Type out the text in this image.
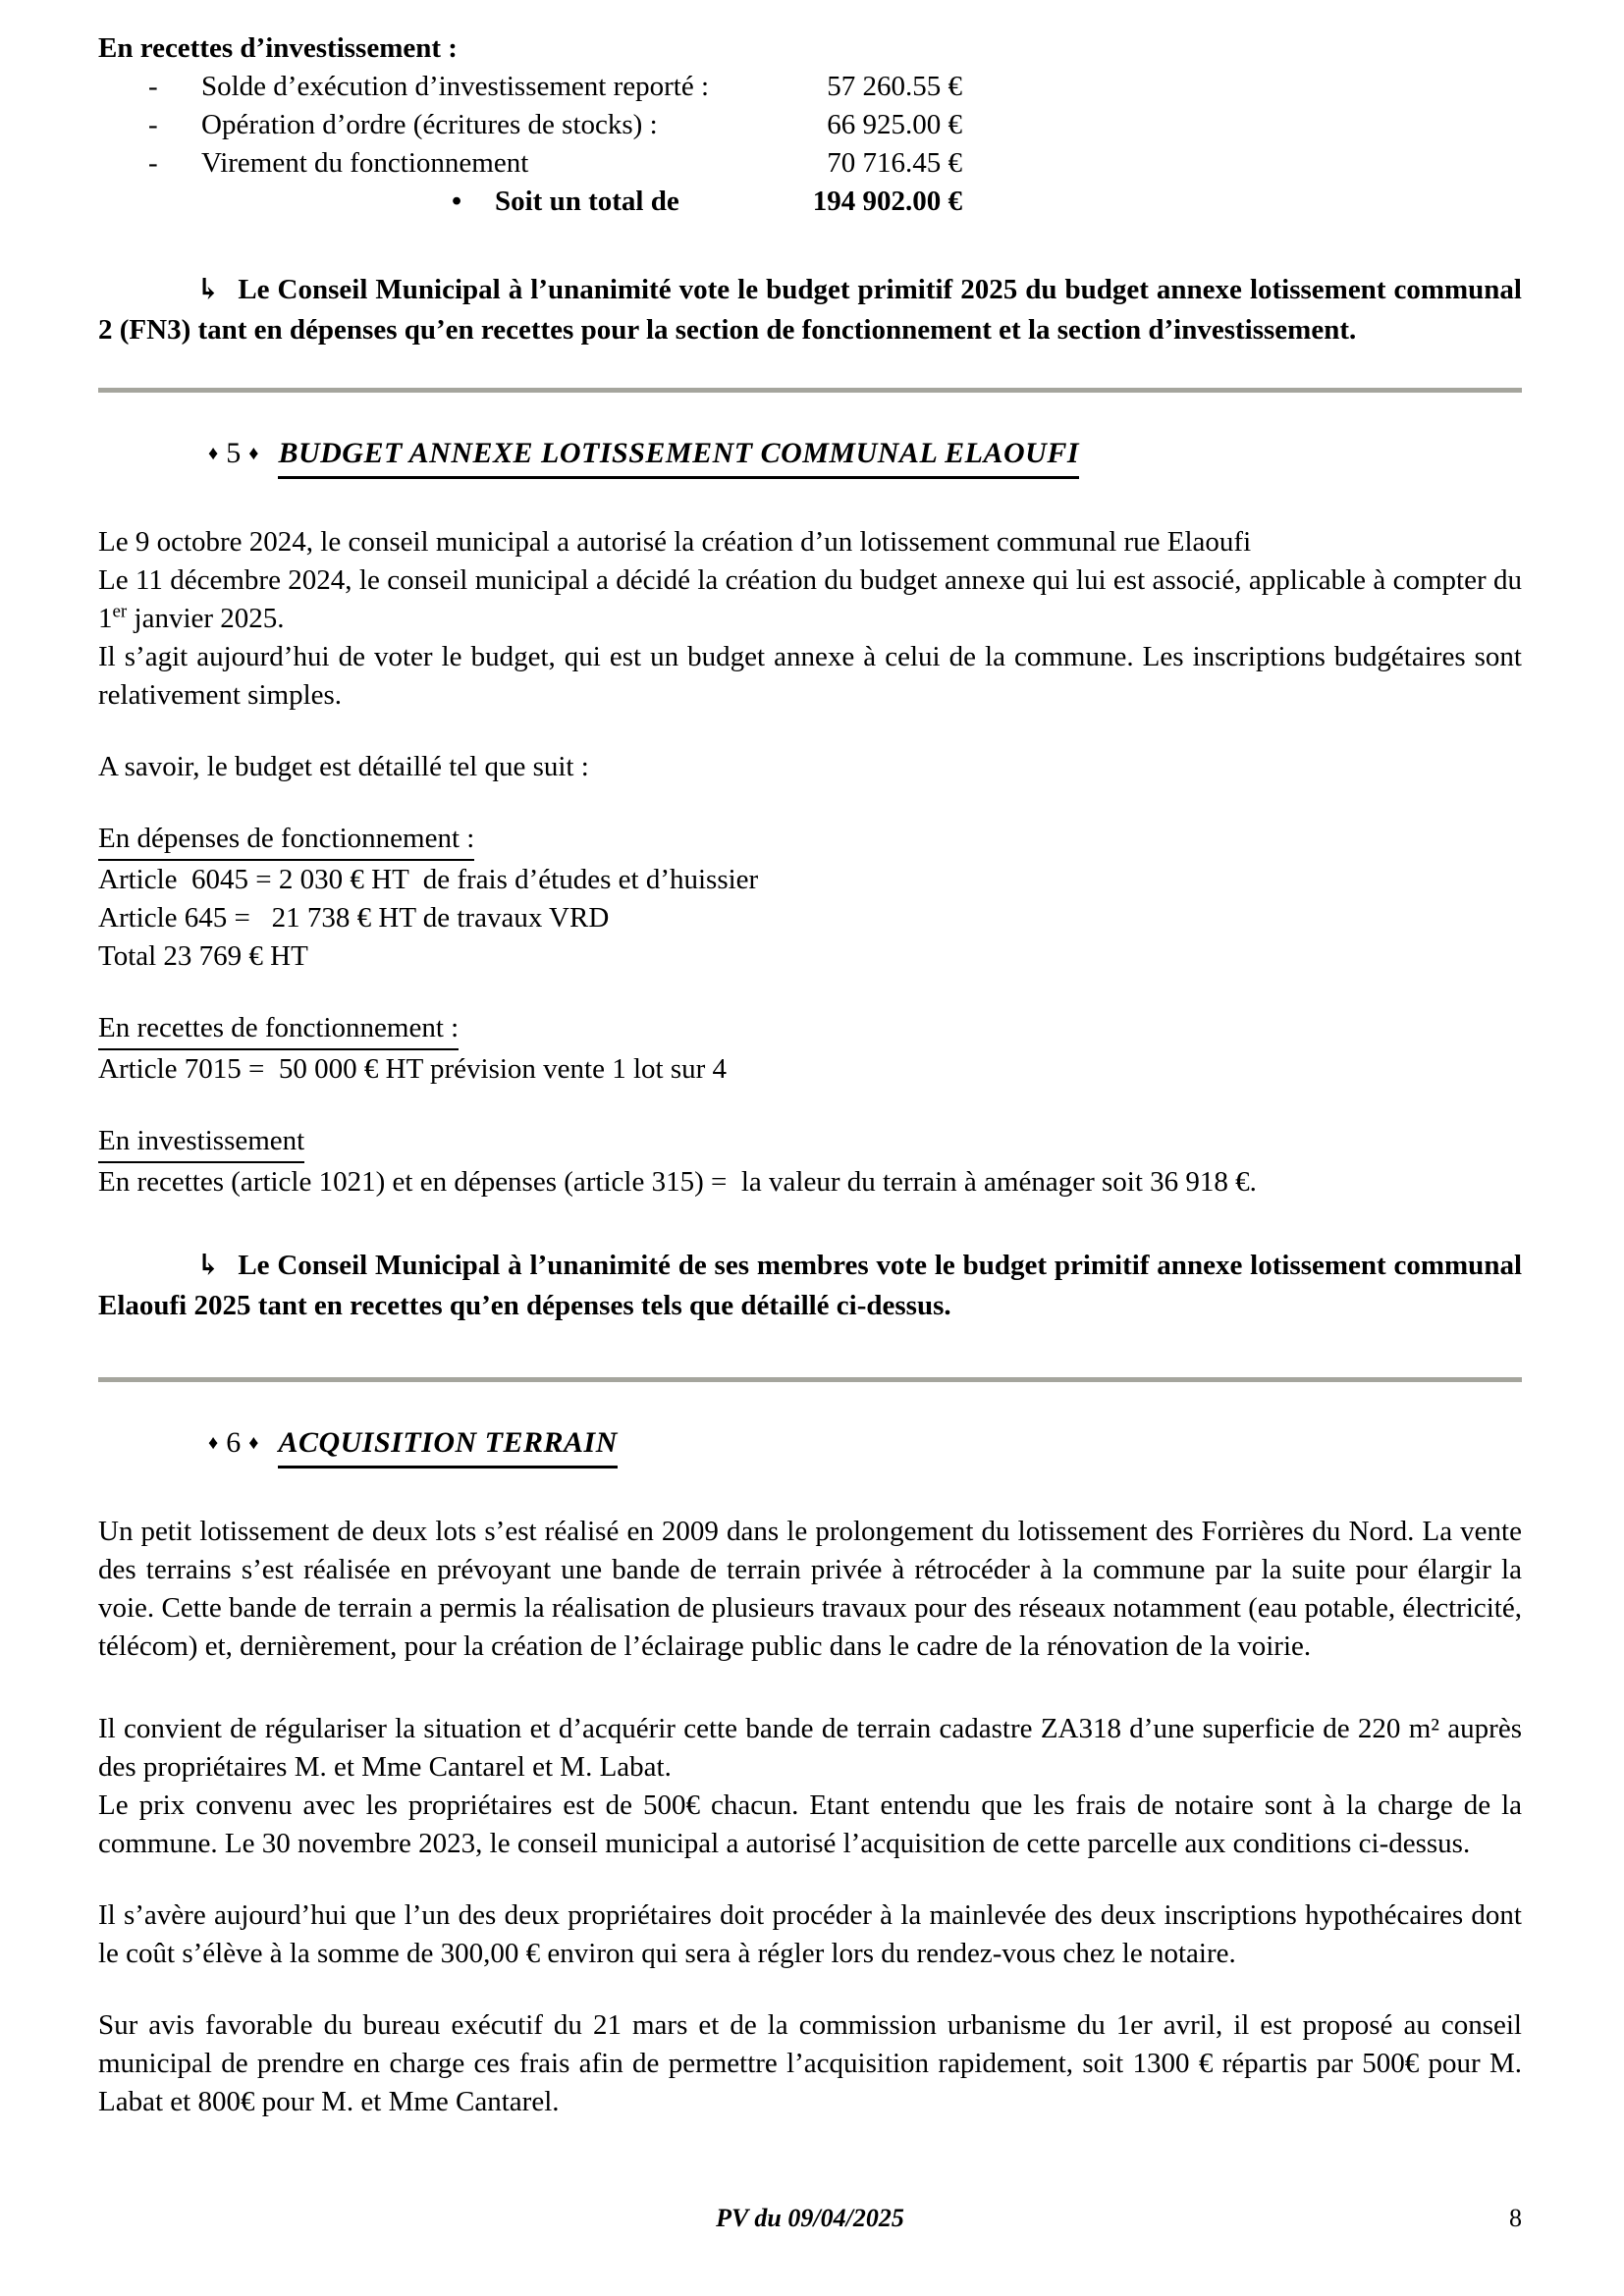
En recettes d’investissement :

-	Solde d’exécution d’investissement reporté :	57 260.55 €
-	Opération d’ordre (écritures de stocks) :	66 925.00 €
-	Virement du fonctionnement	70 716.45 €
•	Soit un total de	194 902.00 €

↳ Le Conseil Municipal à l’unanimité vote le budget primitif 2025 du budget annexe lotissement communal 2 (FN3) tant en dépenses qu’en recettes pour la section de fonctionnement et la section d’investissement.

♦ 5 ♦ BUDGET ANNEXE LOTISSEMENT COMMUNAL ELAOUFI
Le 9 octobre 2024, le conseil municipal a autorisé la création d’un lotissement communal rue Elaoufi
Le 11 décembre 2024, le conseil municipal a décidé la création du budget annexe qui lui est associé, applicable à compter du 1er janvier 2025.
Il s’agit aujourd’hui de voter le budget, qui est un budget annexe à celui de la commune. Les inscriptions budgétaires sont relativement simples.

A savoir, le budget est détaillé tel que suit :

En dépenses de fonctionnement :

Article  6045 = 2 030 € HT  de frais d’études et d’huissier
Article 645 =   21 738 € HT de travaux VRD
Total 23 769 € HT

En recettes de fonctionnement :

Article 7015 =  50 000 € HT prévision vente 1 lot sur 4

En investissement

En recettes (article 1021) et en dépenses (article 315) =  la valeur du terrain à aménager soit 36 918 €.

↳ Le Conseil Municipal à l’unanimité de ses membres vote le budget primitif annexe lotissement communal Elaoufi 2025 tant en recettes qu’en dépenses tels que détaillé ci-dessus.

♦ 6 ♦ ACQUISITION TERRAIN

Un petit lotissement de deux lots s’est réalisé en 2009 dans le prolongement du lotissement des Forrières du Nord. La vente des terrains s’est réalisée en prévoyant une bande de terrain privée à rétrocéder à la commune par la suite pour élargir la voie. Cette bande de terrain a permis la réalisation de plusieurs travaux pour des réseaux notamment (eau potable, électricité, télécom) et, dernièrement, pour la création de l’éclairage public dans le cadre de la rénovation de la voirie.

Il convient de régulariser la situation et d’acquérir cette bande de terrain cadastre ZA318 d’une superficie de 220 m² auprès des propriétaires M. et Mme Cantarel et M. Labat.
Le prix convenu avec les propriétaires est de 500€ chacun. Etant entendu que les frais de notaire sont à la charge de la commune. Le 30 novembre 2023, le conseil municipal a autorisé l’acquisition de cette parcelle aux conditions ci-dessus.

Il s’avère aujourd’hui que l’un des deux propriétaires doit procéder à la mainlevée des deux inscriptions hypothécaires dont le coût s’élève à la somme de 300,00 € environ qui sera à régler lors du rendez-vous chez le notaire.

Sur avis favorable du bureau exécutif du 21 mars et de la commission urbanisme du 1er avril, il est proposé au conseil municipal de prendre en charge ces frais afin de permettre l’acquisition rapidement, soit 1300 € répartis par 500€ pour M. Labat et 800€ pour M. et Mme Cantarel.

PV du 09/04/2025	8
